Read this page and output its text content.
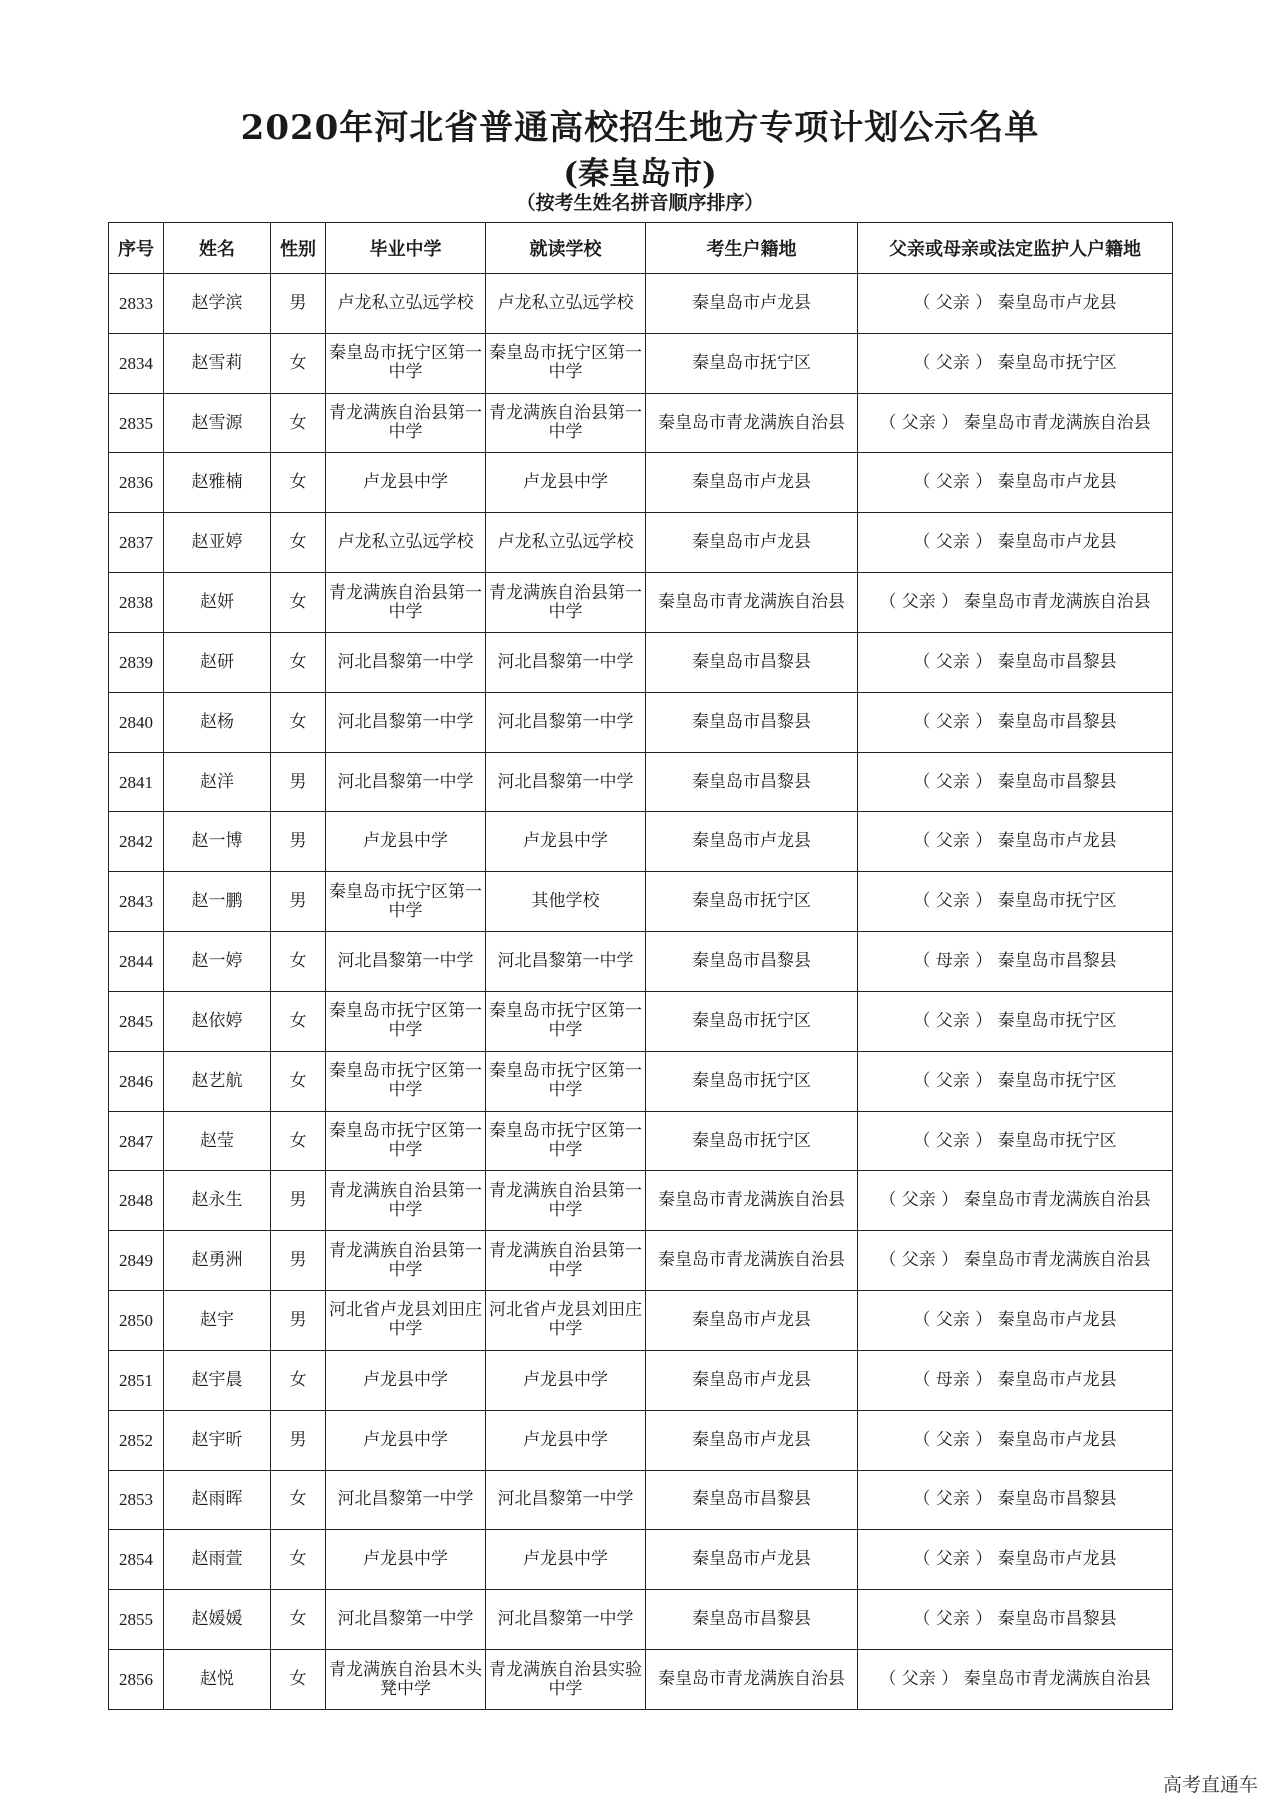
2020年河北省普通高校招生地方专项计划公示名单
(秦皇岛市)
（按考生姓名拼音顺序排序）
序号	姓名	性别	毕业中学	就读学校	考生户籍地	父亲或母亲或法定监护人户籍地
2833	赵学滨	男	卢龙私立弘远学校	卢龙私立弘远学校	秦皇岛市卢龙县	（ 父亲 ） 秦皇岛市卢龙县
2834	赵雪莉	女	秦皇岛市抚宁区第一中学	秦皇岛市抚宁区第一中学	秦皇岛市抚宁区	（ 父亲 ） 秦皇岛市抚宁区
2835	赵雪源	女	青龙满族自治县第一中学	青龙满族自治县第一中学	秦皇岛市青龙满族自治县	（ 父亲 ） 秦皇岛市青龙满族自治县
2836	赵雅楠	女	卢龙县中学	卢龙县中学	秦皇岛市卢龙县	（ 父亲 ） 秦皇岛市卢龙县
2837	赵亚婷	女	卢龙私立弘远学校	卢龙私立弘远学校	秦皇岛市卢龙县	（ 父亲 ） 秦皇岛市卢龙县
2838	赵妍	女	青龙满族自治县第一中学	青龙满族自治县第一中学	秦皇岛市青龙满族自治县	（ 父亲 ） 秦皇岛市青龙满族自治县
2839	赵研	女	河北昌黎第一中学	河北昌黎第一中学	秦皇岛市昌黎县	（ 父亲 ） 秦皇岛市昌黎县
2840	赵杨	女	河北昌黎第一中学	河北昌黎第一中学	秦皇岛市昌黎县	（ 父亲 ） 秦皇岛市昌黎县
2841	赵洋	男	河北昌黎第一中学	河北昌黎第一中学	秦皇岛市昌黎县	（ 父亲 ） 秦皇岛市昌黎县
2842	赵一博	男	卢龙县中学	卢龙县中学	秦皇岛市卢龙县	（ 父亲 ） 秦皇岛市卢龙县
2843	赵一鹏	男	秦皇岛市抚宁区第一中学	其他学校	秦皇岛市抚宁区	（ 父亲 ） 秦皇岛市抚宁区
2844	赵一婷	女	河北昌黎第一中学	河北昌黎第一中学	秦皇岛市昌黎县	（ 母亲 ） 秦皇岛市昌黎县
2845	赵依婷	女	秦皇岛市抚宁区第一中学	秦皇岛市抚宁区第一中学	秦皇岛市抚宁区	（ 父亲 ） 秦皇岛市抚宁区
2846	赵艺航	女	秦皇岛市抚宁区第一中学	秦皇岛市抚宁区第一中学	秦皇岛市抚宁区	（ 父亲 ） 秦皇岛市抚宁区
2847	赵莹	女	秦皇岛市抚宁区第一中学	秦皇岛市抚宁区第一中学	秦皇岛市抚宁区	（ 父亲 ） 秦皇岛市抚宁区
2848	赵永生	男	青龙满族自治县第一中学	青龙满族自治县第一中学	秦皇岛市青龙满族自治县	（ 父亲 ） 秦皇岛市青龙满族自治县
2849	赵勇洲	男	青龙满族自治县第一中学	青龙满族自治县第一中学	秦皇岛市青龙满族自治县	（ 父亲 ） 秦皇岛市青龙满族自治县
2850	赵宇	男	河北省卢龙县刘田庄中学	河北省卢龙县刘田庄中学	秦皇岛市卢龙县	（ 父亲 ） 秦皇岛市卢龙县
2851	赵宇晨	女	卢龙县中学	卢龙县中学	秦皇岛市卢龙县	（ 母亲 ） 秦皇岛市卢龙县
2852	赵宇昕	男	卢龙县中学	卢龙县中学	秦皇岛市卢龙县	（ 父亲 ） 秦皇岛市卢龙县
2853	赵雨晖	女	河北昌黎第一中学	河北昌黎第一中学	秦皇岛市昌黎县	（ 父亲 ） 秦皇岛市昌黎县
2854	赵雨萱	女	卢龙县中学	卢龙县中学	秦皇岛市卢龙县	（ 父亲 ） 秦皇岛市卢龙县
2855	赵媛媛	女	河北昌黎第一中学	河北昌黎第一中学	秦皇岛市昌黎县	（ 父亲 ） 秦皇岛市昌黎县
2856	赵悦	女	青龙满族自治县木头凳中学	青龙满族自治县实验中学	秦皇岛市青龙满族自治县	（ 父亲 ） 秦皇岛市青龙满族自治县
高考直通车
